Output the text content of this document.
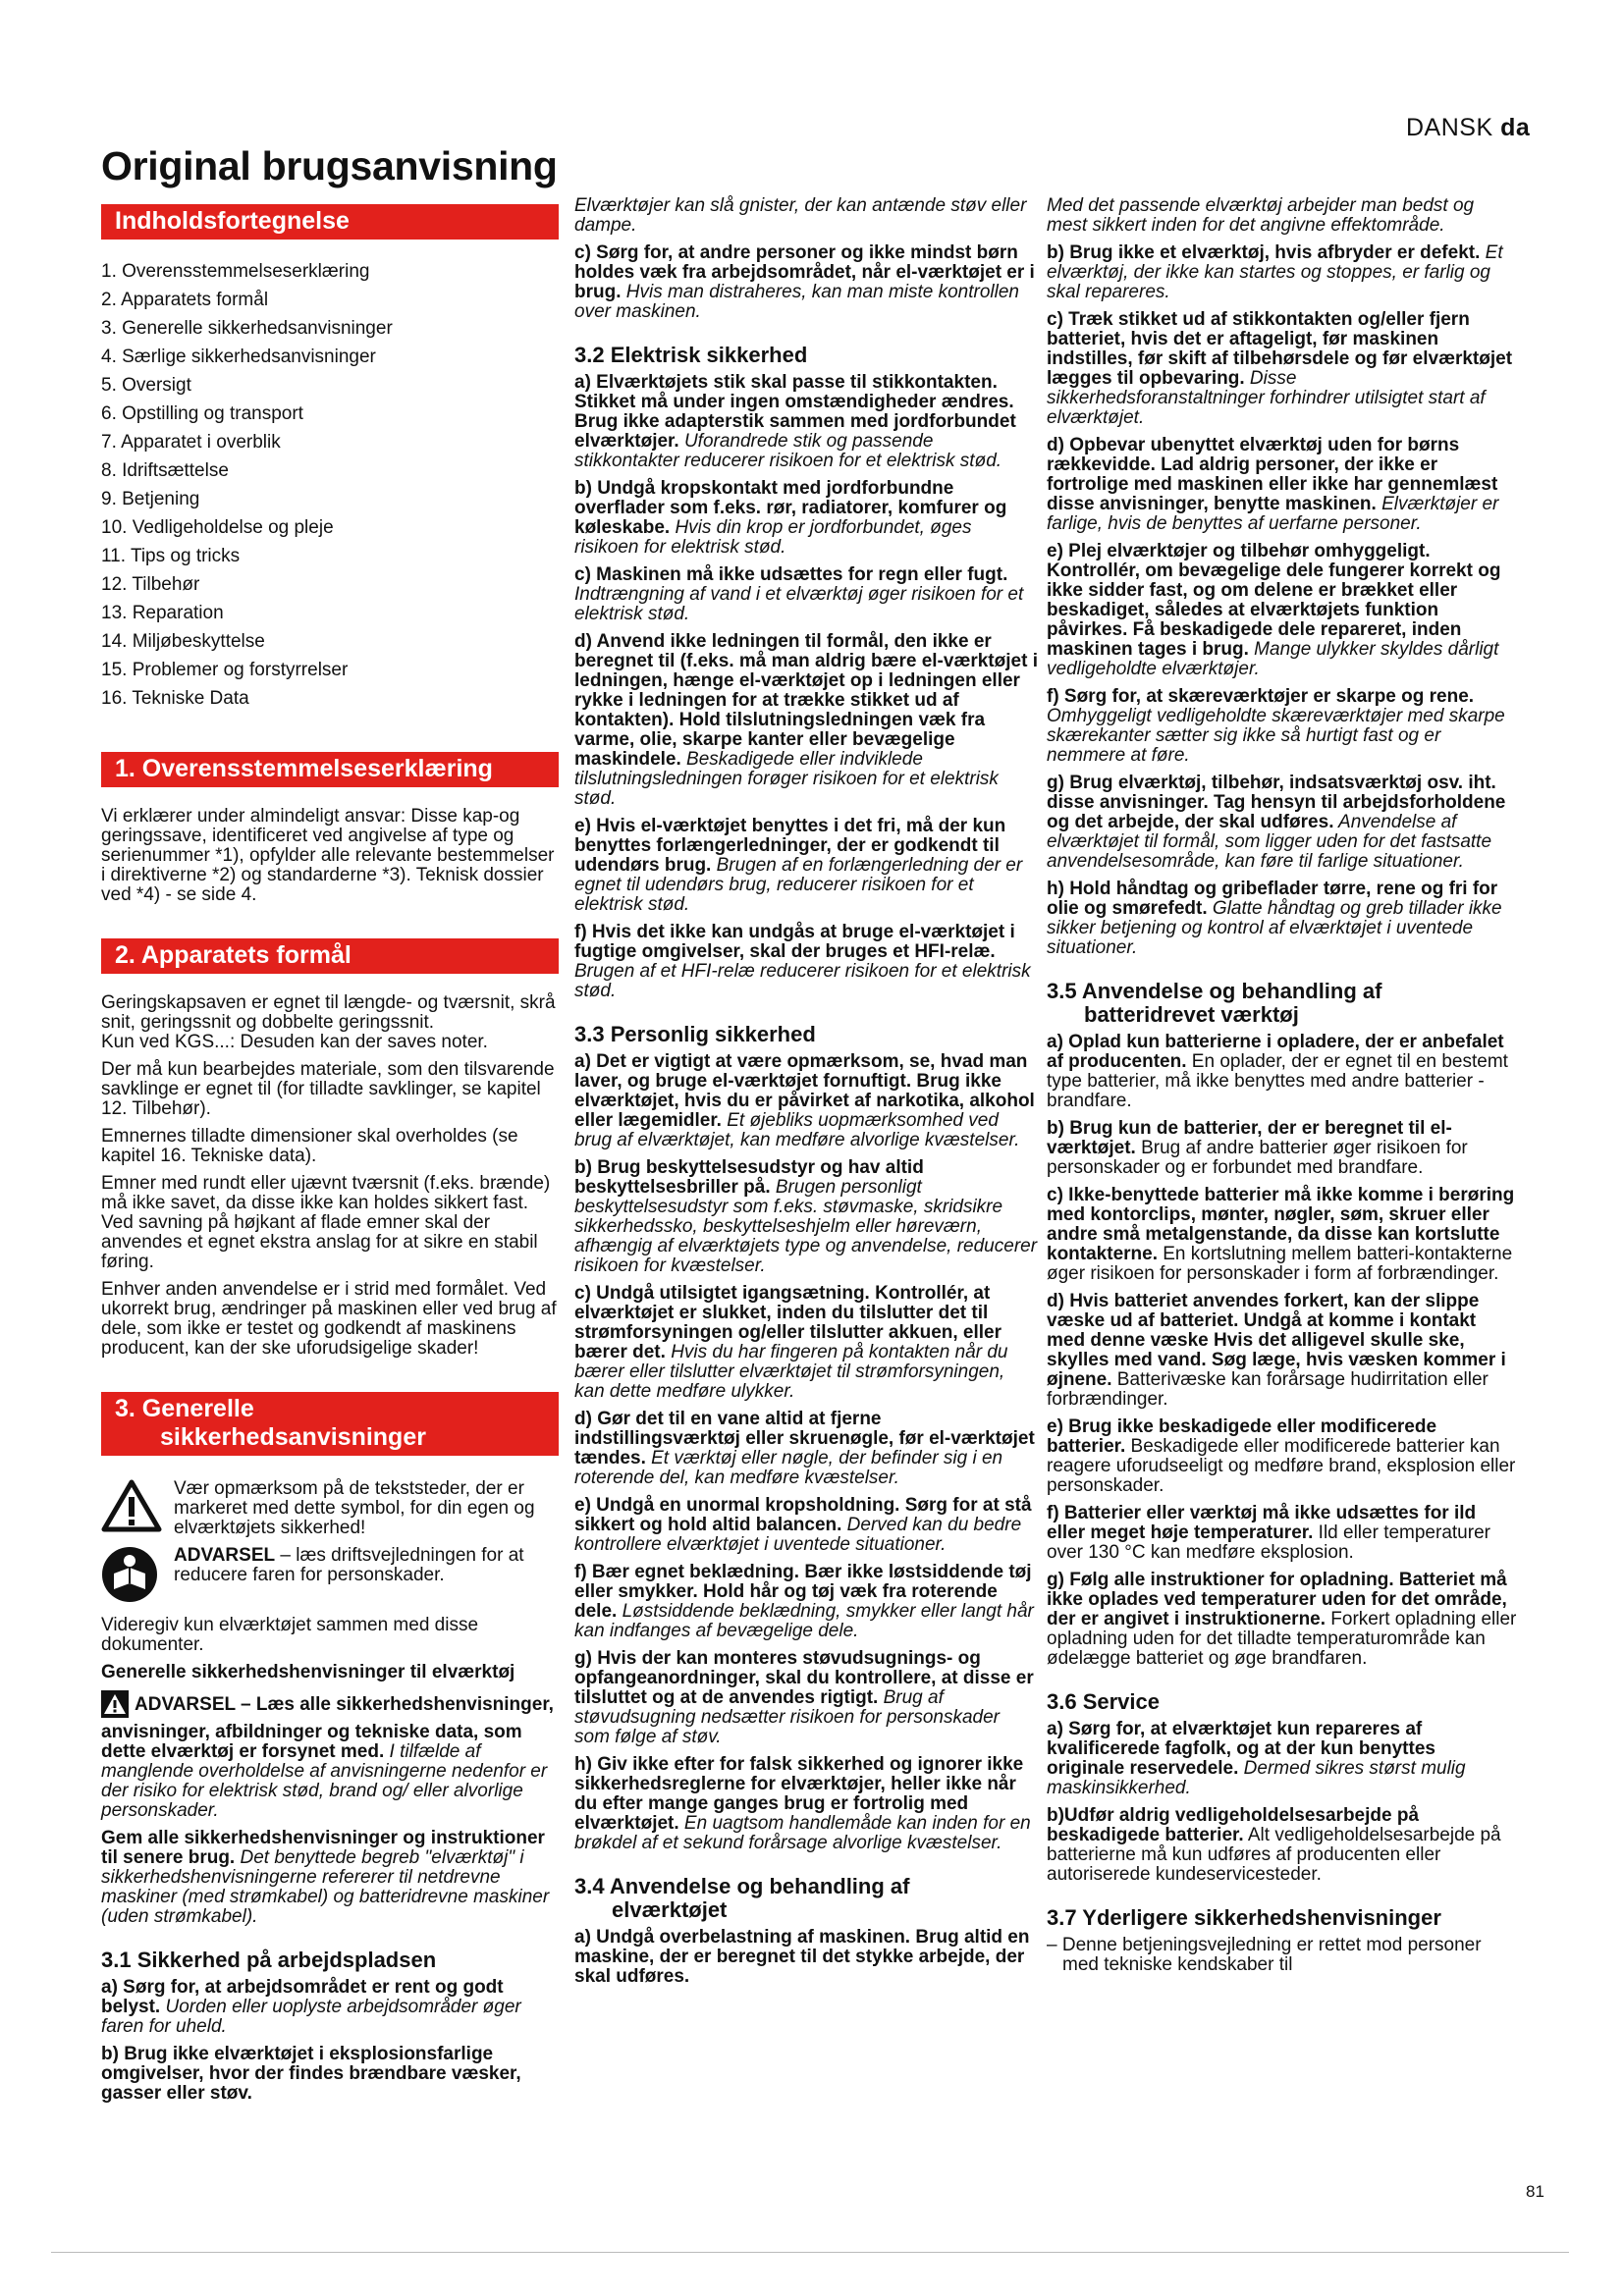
DANSK da
Original brugsanvisning
Indholdsfortegnelse
1. Overensstemmelseserklæring
2. Apparatets formål
3. Generelle sikkerhedsanvisninger
4. Særlige sikkerhedsanvisninger
5. Oversigt
6. Opstilling og transport
7. Apparatet i overblik
8. Idriftsættelse
9. Betjening
10. Vedligeholdelse og pleje
11. Tips og tricks
12. Tilbehør
13. Reparation
14. Miljøbeskyttelse
15. Problemer og forstyrrelser
16. Tekniske Data
1. Overensstemmelseserklæring

Vi erklærer under almindeligt ansvar: Disse kap-og geringssave, identificeret ved angivelse af type og serienummer *1), opfylder alle relevante bestemmelser i direktiverne *2) og standarderne *3). Teknisk dossier ved *4) - se side 4.

2. Apparatets formål

Geringskapsaven er egnet til længde- og tværsnit, skrå snit, geringssnit og dobbelte geringssnit.

Kun ved KGS...: Desuden kan der saves noter.

Der må kun bearbejdes materiale, som den tilsvarende savklinge er egnet til (for tilladte savklinger, se kapitel 12. Tilbehør).

Emnernes tilladte dimensioner skal overholdes (se kapitel 16. Tekniske data).

Emner med rundt eller ujævnt tværsnit (f.eks. brænde) må ikke savet, da disse ikke kan holdes sikkert fast. Ved savning på højkant af flade emner skal der anvendes et egnet ekstra anslag for at sikre en stabil føring.

Enhver anden anvendelse er i strid med formålet. Ved ukorrekt brug, ændringer på maskinen eller ved brug af dele, som ikke er testet og godkendt af maskinens producent, kan der ske uforudsigelige skader!

3. Generelle
sikkerhedsanvisninger
Vær opmærksom på de tekststeder, der er markeret med dette symbol, for din egen og elværktøjets sikkerhed!
ADVARSEL – læs driftsvejledningen for at reducere faren for personskader.

Videregiv kun elværktøjet sammen med disse dokumenter.

Generelle sikkerhedshenvisninger til elværktøj

ADVARSEL – Læs alle sikkerhedshenvisninger, anvisninger, afbildninger og tekniske data, som dette elværktøj er forsynet med. I tilfælde af manglende overholdelse af anvisningerne nedenfor er der risiko for elektrisk stød, brand og/ eller alvorlige personskader.

Gem alle sikkerhedshenvisninger og instruktioner til senere brug. Det benyttede begreb "elværktøj" i sikkerhedshenvisningerne refererer til netdrevne maskiner (med strømkabel) og batteridrevne maskiner (uden strømkabel).

3.1 Sikkerhed på arbejdspladsen

a) Sørg for, at arbejdsområdet er rent og godt belyst. Uorden eller uoplyste arbejdsområder øger faren for uheld.

b) Brug ikke elværktøjet i eksplosionsfarlige omgivelser, hvor der findes brændbare væsker, gasser eller støv.

Elværktøjer kan slå gnister, der kan antænde støv eller dampe.

c) Sørg for, at andre personer og ikke mindst børn holdes væk fra arbejdsområdet, når el-værktøjet er i brug. Hvis man distraheres, kan man miste kontrollen over maskinen.

3.2 Elektrisk sikkerhed

a) Elværktøjets stik skal passe til stikkontakten. Stikket må under ingen omstændigheder ændres. Brug ikke adapterstik sammen med jordforbundet elværktøjer. Uforandrede stik og passende stikkontakter reducerer risikoen for et elektrisk stød.

b) Undgå kropskontakt med jordforbundne overflader som f.eks. rør, radiatorer, komfurer og køleskabe. Hvis din krop er jordforbundet, øges risikoen for elektrisk stød.

c) Maskinen må ikke udsættes for regn eller fugt. Indtrængning af vand i et elværktøj øger risikoen for et elektrisk stød.

d) Anvend ikke ledningen til formål, den ikke er beregnet til (f.eks. må man aldrig bære el-værktøjet i ledningen, hænge el-værktøjet op i ledningen eller rykke i ledningen for at trække stikket ud af kontakten). Hold tilslutningsledningen væk fra varme, olie, skarpe kanter eller bevægelige maskindele. Beskadigede eller indviklede tilslutningsledningen forøger risikoen for et elektrisk stød.

e) Hvis el-værktøjet benyttes i det fri, må der kun benyttes forlængerledninger, der er godkendt til udendørs brug. Brugen af en forlængerledning der er egnet til udendørs brug, reducerer risikoen for et elektrisk stød.

f) Hvis det ikke kan undgås at bruge el-værktøjet i fugtige omgivelser, skal der bruges et HFI-relæ. Brugen af et HFI-relæ reducerer risikoen for et elektrisk stød.

3.3 Personlig sikkerhed

a) Det er vigtigt at være opmærksom, se, hvad man laver, og bruge el-værktøjet fornuftigt. Brug ikke elværktøjet, hvis du er påvirket af narkotika, alkohol eller lægemidler. Et øjebliks uopmærksomhed ved brug af elværktøjet, kan medføre alvorlige kvæstelser.

b) Brug beskyttelsesudstyr og hav altid beskyttelsesbriller på. Brugen personligt beskyttelsesudstyr som f.eks. støvmaske, skridsikre sikkerhedssko, beskyttelseshjelm eller høreværn, afhængig af elværktøjets type og anvendelse, reducerer risikoen for kvæstelser.

c) Undgå utilsigtet igangsætning. Kontrollér, at elværktøjet er slukket, inden du tilslutter det til strømforsyningen og/eller tilslutter akkuen, eller bærer det. Hvis du har fingeren på kontakten når du bærer eller tilslutter elværktøjet til strømforsyningen, kan dette medføre ulykker.

d) Gør det til en vane altid at fjerne indstillingsværktøj eller skruenøgle, før el-værktøjet tændes. Et værktøj eller nøgle, der befinder sig i en roterende del, kan medføre kvæstelser.

e) Undgå en unormal kropsholdning. Sørg for at stå sikkert og hold altid balancen. Derved kan du bedre kontrollere elværktøjet i uventede situationer.

f) Bær egnet beklædning. Bær ikke løstsiddende tøj eller smykker. Hold hår og tøj væk fra roterende dele. Løstsiddende beklædning, smykker eller langt hår kan indfanges af bevægelige dele.

g) Hvis der kan monteres støvudsugnings- og opfangeanordninger, skal du kontrollere, at disse er tilsluttet og at de anvendes rigtigt. Brug af støvudsugning nedsætter risikoen for personskader som følge af støv.

h) Giv ikke efter for falsk sikkerhed og ignorer ikke sikkerhedsreglerne for elværktøjer, heller ikke når du efter mange ganges brug er fortrolig med elværktøjet. En uagtsom handlemåde kan inden for en brøkdel af et sekund forårsage alvorlige kvæstelser.

3.4 Anvendelse og behandling af
elværktøjet

a) Undgå overbelastning af maskinen. Brug altid en maskine, der er beregnet til det stykke arbejde, der skal udføres.

Med det passende elværktøj arbejder man bedst og mest sikkert inden for det angivne effektområde.

b) Brug ikke et elværktøj, hvis afbryder er defekt. Et elværktøj, der ikke kan startes og stoppes, er farlig og skal repareres.

c) Træk stikket ud af stikkontakten og/eller fjern batteriet, hvis det er aftageligt, før maskinen indstilles, før skift af tilbehørsdele og før elværktøjet lægges til opbevaring. Disse sikkerhedsforanstaltninger forhindrer utilsigtet start af elværktøjet.

d) Opbevar ubenyttet elværktøj uden for børns rækkevidde. Lad aldrig personer, der ikke er fortrolige med maskinen eller ikke har gennemlæst disse anvisninger, benytte maskinen. Elværktøjer er farlige, hvis de benyttes af uerfarne personer.

e) Plej elværktøjer og tilbehør omhyggeligt. Kontrollér, om bevægelige dele fungerer korrekt og ikke sidder fast, og om delene er brækket eller beskadiget, således at elværktøjets funktion påvirkes. Få beskadigede dele repareret, inden maskinen tages i brug. Mange ulykker skyldes dårligt vedligeholdte elværktøjer.

f) Sørg for, at skæreværktøjer er skarpe og rene. Omhyggeligt vedligeholdte skæreværktøjer med skarpe skærekanter sætter sig ikke så hurtigt fast og er nemmere at føre.

g) Brug elværktøj, tilbehør, indsatsværktøj osv. iht. disse anvisninger. Tag hensyn til arbejdsforholdene og det arbejde, der skal udføres. Anvendelse af elværktøjet til formål, som ligger uden for det fastsatte anvendelsesområde, kan føre til farlige situationer.

h) Hold håndtag og gribeflader tørre, rene og fri for olie og smørefedt. Glatte håndtag og greb tillader ikke sikker betjening og kontrol af elværktøjet i uventede situationer.

3.5 Anvendelse og behandling af
batteridrevet værktøj

a) Oplad kun batterierne i opladere, der er anbefalet af producenten. En oplader, der er egnet til en bestemt type batterier, må ikke benyttes med andre batterier - brandfare.

b) Brug kun de batterier, der er beregnet til el-værktøjet. Brug af andre batterier øger risikoen for personskader og er forbundet med brandfare.

c) Ikke-benyttede batterier må ikke komme i berøring med kontorclips, mønter, nøgler, søm, skruer eller andre små metalgenstande, da disse kan kortslutte kontakterne. En kortslutning mellem batteri-kontakterne øger risikoen for personskader i form af forbrændinger.

d) Hvis batteriet anvendes forkert, kan der slippe væske ud af batteriet. Undgå at komme i kontakt med denne væske Hvis det alligevel skulle ske, skylles med vand. Søg læge, hvis væsken kommer i øjnene. Batterivæske kan forårsage hudirritation eller forbrændinger.

e) Brug ikke beskadigede eller modificerede batterier. Beskadigede eller modificerede batterier kan reagere uforudseeligt og medføre brand, eksplosion eller personskader.

f) Batterier eller værktøj må ikke udsættes for ild eller meget høje temperaturer. Ild eller temperaturer over 130 °C kan medføre eksplosion.

g) Følg alle instruktioner for opladning. Batteriet må ikke oplades ved temperaturer uden for det område, der er angivet i instruktionerne. Forkert opladning eller opladning uden for det tilladte temperaturområde kan ødelægge batteriet og øge brandfaren.

3.6 Service

a) Sørg for, at elværktøjet kun repareres af kvalificerede fagfolk, og at der kun benyttes originale reservedele. Dermed sikres størst mulig maskinsikkerhed.

b)Udfør aldrig vedligeholdelsesarbejde på beskadigede batterier. Alt vedligeholdelsesarbejde på batterierne må kun udføres af producenten eller autoriserede kundeservicesteder.

3.7 Yderligere sikkerhedshenvisninger

– Denne betjeningsvejledning er rettet mod personer med tekniske kendskaber til

81
